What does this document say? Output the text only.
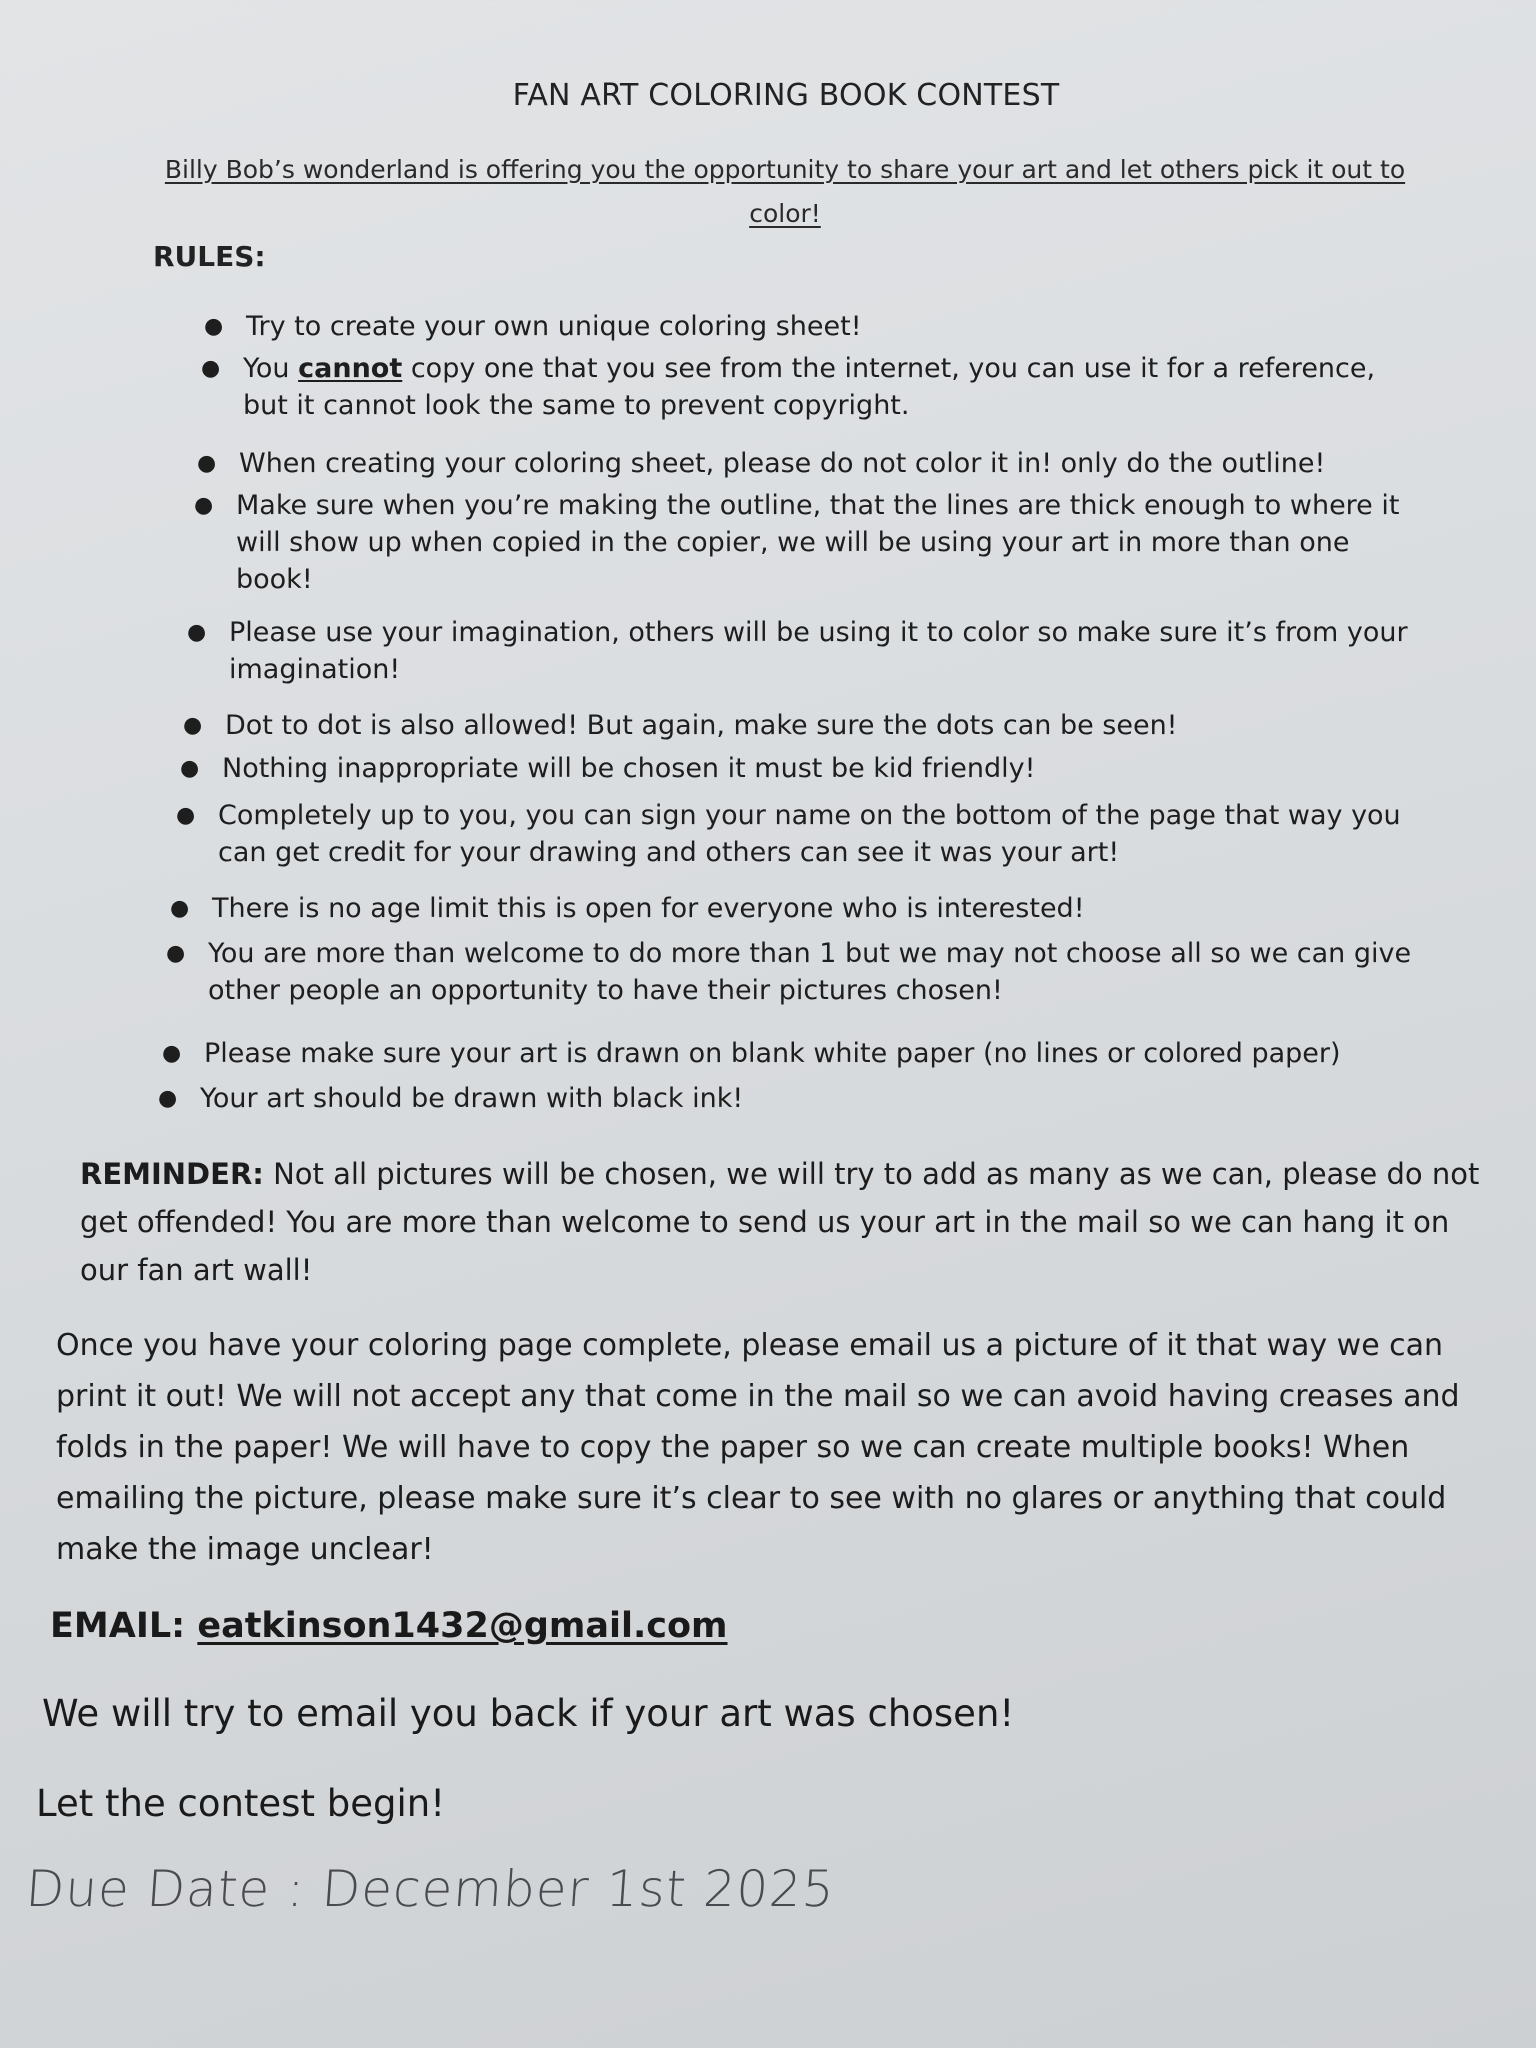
FAN ART COLORING BOOK CONTEST
Billy Bob’s wonderland is offering you the opportunity to share your art and let others pick it out to color!
RULES:
● Try to create your own unique coloring sheet!
● You cannot copy one that you see from the internet, you can use it for a reference, but it cannot look the same to prevent copyright.
● When creating your coloring sheet, please do not color it in! only do the outline!
● Make sure when you’re making the outline, that the lines are thick enough to where it will show up when copied in the copier, we will be using your art in more than one book!
● Please use your imagination, others will be using it to color so make sure it’s from your imagination!
● Dot to dot is also allowed! But again, make sure the dots can be seen!
● Nothing inappropriate will be chosen it must be kid friendly!
● Completely up to you, you can sign your name on the bottom of the page that way you can get credit for your drawing and others can see it was your art!
● There is no age limit this is open for everyone who is interested!
● You are more than welcome to do more than 1 but we may not choose all so we can give other people an opportunity to have their pictures chosen!
● Please make sure your art is drawn on blank white paper (no lines or colored paper)
● Your art should be drawn with black ink!
REMINDER: Not all pictures will be chosen, we will try to add as many as we can, please do not get offended! You are more than welcome to send us your art in the mail so we can hang it on our fan art wall!
Once you have your coloring page complete, please email us a picture of it that way we can print it out! We will not accept any that come in the mail so we can avoid having creases and folds in the paper! We will have to copy the paper so we can create multiple books! When emailing the picture, please make sure it’s clear to see with no glares or anything that could make the image unclear!
EMAIL: eatkinson1432@gmail.com
We will try to email you back if your art was chosen!
Let the contest begin!
Due Date : December 1st 2025
